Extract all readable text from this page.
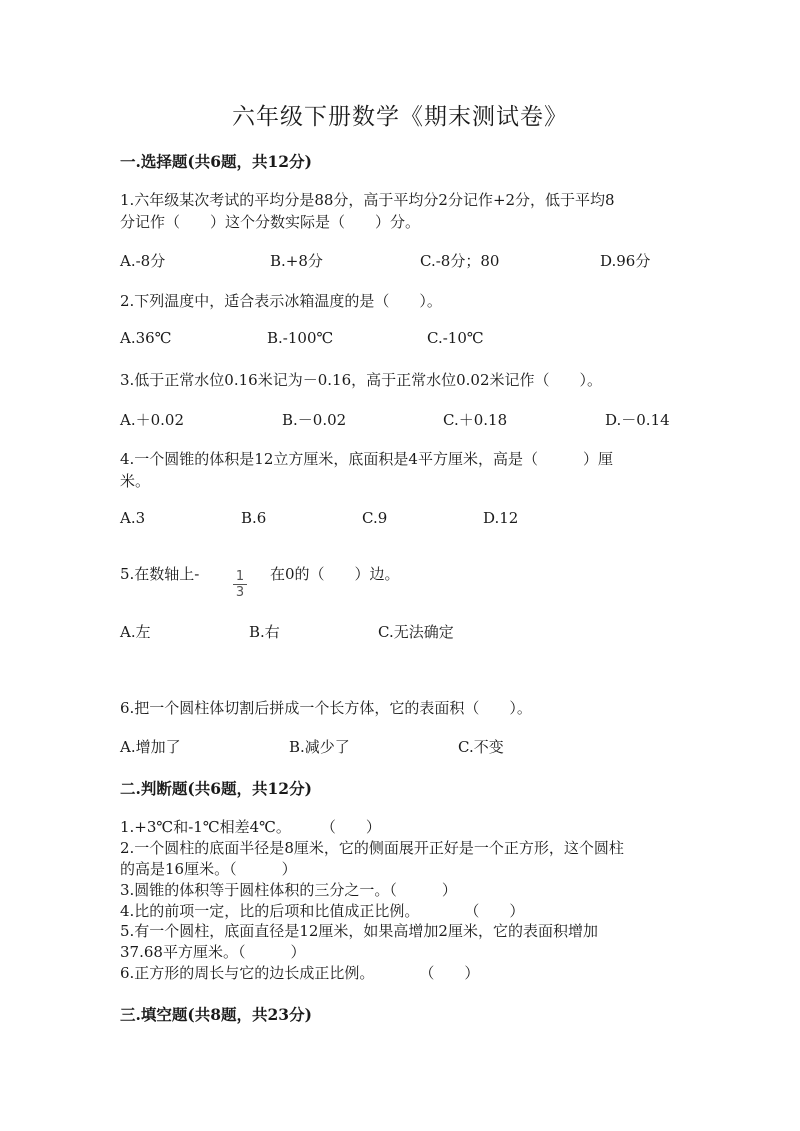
六年级下册数学《期末测试卷》
一.选择题(共6题，共12分)
1.六年级某次考试的平均分是88分，高于平均分2分记作+2分，低于平均8
分记作（　　）这个分数实际是（　　）分。
A.-8分	B.+8分	C.-8分；80	D.96分
2.下列温度中，适合表示冰箱温度的是（　　）。
A.36℃	B.-100℃	C.-10℃
3.低于正常水位0.16米记为－0.16，高于正常水位0.02米记作（　　）。
A.＋0.02	B.－0.02	C.＋0.18	D.－0.14
4.一个圆锥的体积是12立方厘米，底面积是4平方厘米，高是（　　　）厘
米。
A.3	B.6	C.9	D.12
5.在数轴上-	1
3
在0的（　　）边。
A.左	B.右	C.无法确定
6.把一个圆柱体切割后拼成一个长方体，它的表面积（　　）。
A.增加了	B.减少了	C.不变
二.判断题(共6题，共12分)
1.+3℃和-1℃相差4℃。　　　（　　）
2.一个圆柱的底面半径是8厘米，它的侧面展开正好是一个正方形，这个圆柱
的高是16厘米。（　　　）
3.圆锥的体积等于圆柱体积的三分之一。（　　　）
4.比的前项一定，比的后项和比值成正比例。　　　　（　　）
5.有一个圆柱，底面直径是12厘米，如果高增加2厘米，它的表面积增加
37.68平方厘米。（　　　）
6.正方形的周长与它的边长成正比例。　　　　（　　）
三.填空题(共8题，共23分)
